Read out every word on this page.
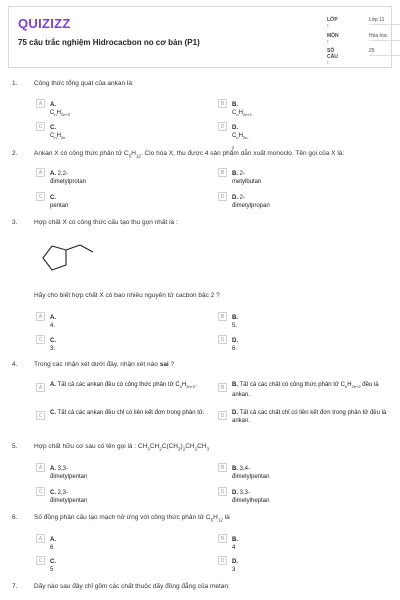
QUIZIZZ
75 câu trắc nghiệm Hidrocacbon no cơ bản (P1)
LỚP :
Lớp 11
MÔN :
Hóa học
SỐ CÂU :
25
1.	Công thức tổng quát của ankan là:
A	A. $C_nH_{2n+2}$
B	B. $C_nH_{2n+1}$
C	C. $C_nH_{2n}$
D	D. $C_nH_{2n-2}$
2.	Ankan X có công thức phân tử $C_5H_{12}$. Clo hóa X, thu được 4 sản phẩm dẫn xuất monoclo. Tên gọi của X là:
A	A. 2,2-đimetylprotan
B	B. 2- metylbutan
C	C. pentan
D	D. 2- đimetylpropan
3.	Hợp chất X có công thức cấu tạo thu gọn nhất là :
Hãy cho biết hợp chất X có bao nhiêu nguyên tử cacbon bậc 2 ?
A	A. 4.
B	B. 5.
C	C. 3.
D	D. 6.
4.	Trong các nhận xét dưới đây, nhận xét nào sai ?
A	A. Tất cả các ankan đều có công thức phân tử $C_nH_{2n+2}$.	B	B. Tất cả các chất có công thức phân tử $C_nH_{2n+2}$ đều là ankan.
C	C. Tất cả các ankan đều chỉ có liên kết đơn trong phân tử.	D	D. Tất cả các chất chỉ có liên kết đơn trong phân tử đều là ankan.
5.	Hợp chất hữu cơ sau có tên gọi là : $CH_3CH_2C(CH_3)_2CH_2CH_3$
A	A. 3,3-đimetylpentan
B	B. 3,4-đimetylpentan
C	C. 2,3-đimetylpentan
D	D. 3,3-đimetylheptan
6.	Số đồng phân cấu tạo mạch hở ứng với công thức phân tử $C_5H_{12}$ là
A	A. 6
B	B. 4
C	C. 5
D	D. 3
7.	Dãy nào sau đây chỉ gồm các chất thuộc dãy đồng đẳng của metan:
